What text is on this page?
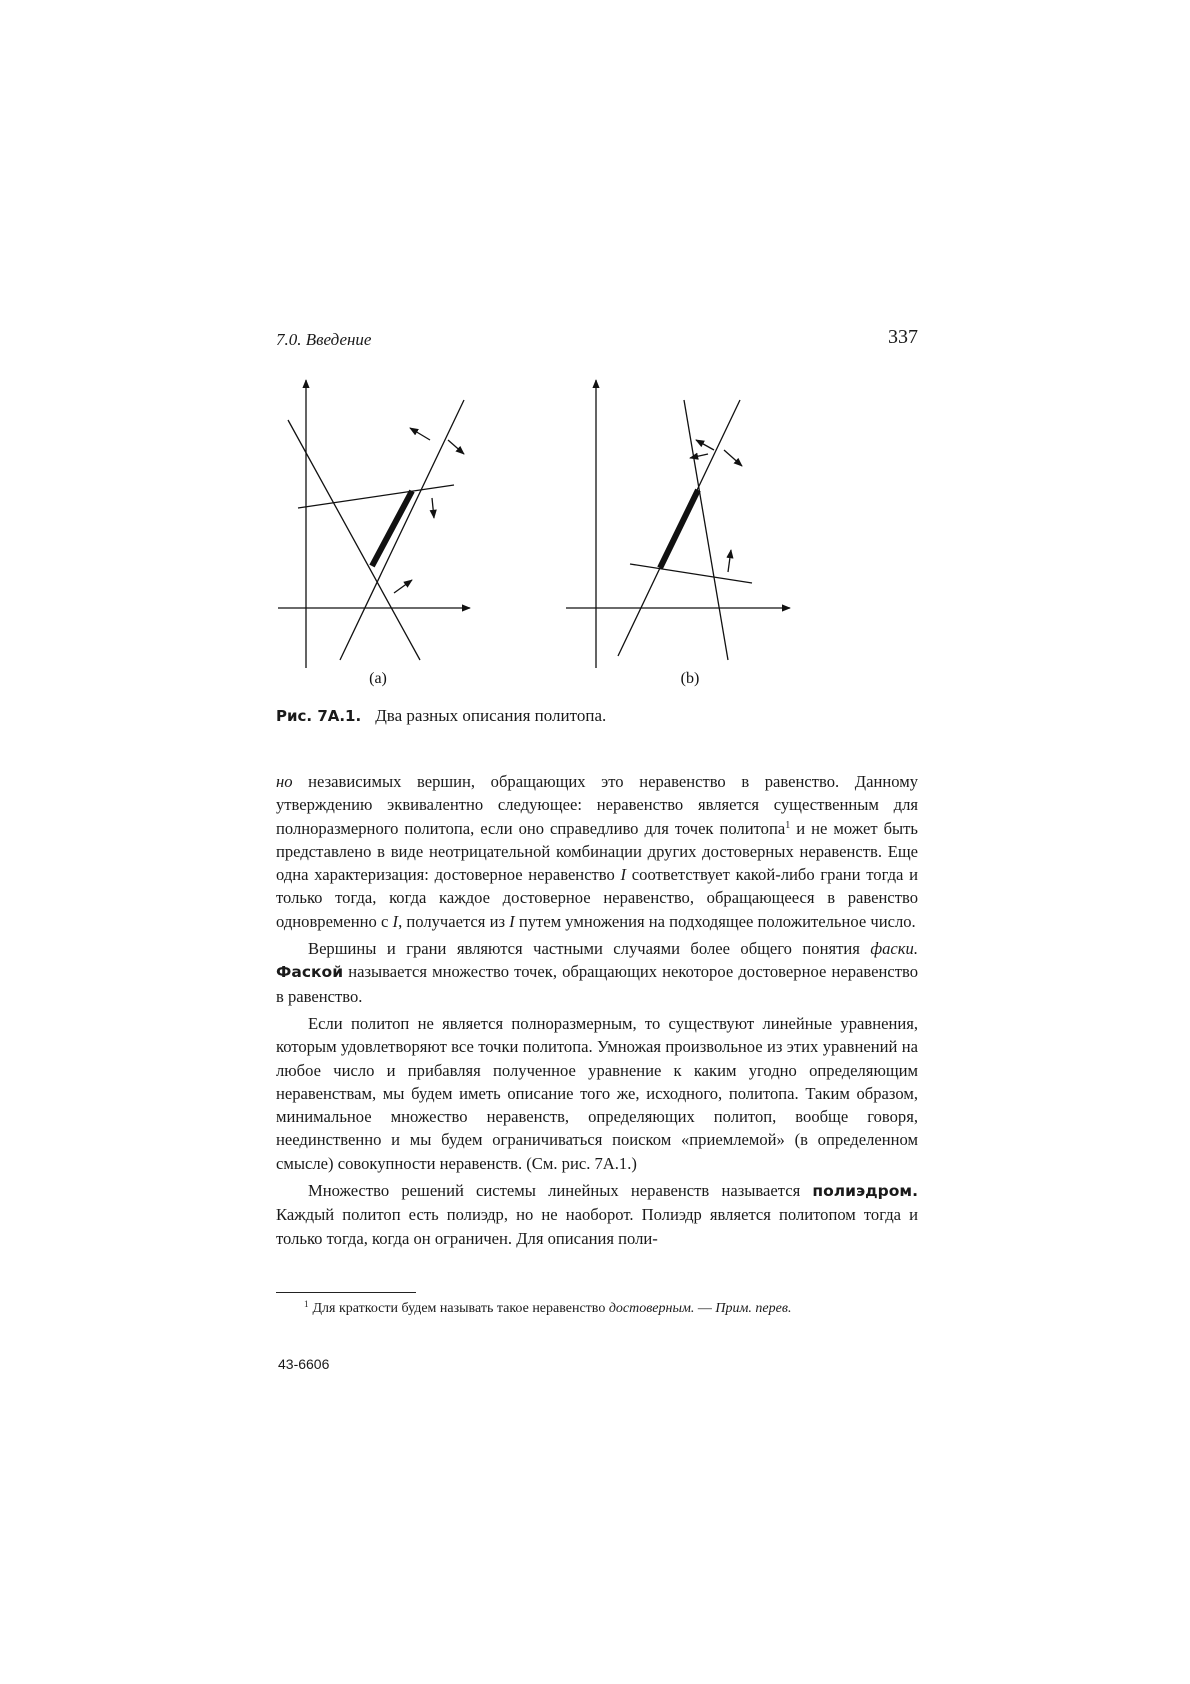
7.0. Введение	337
(a)	(b)
Рис. 7А.1. Два разных описания политопа.

но независимых вершин, обращающих это неравенство в равенство. Данному утверждению эквивалентно следующее: неравенство является существенным для полноразмерного политопа, если оно справедливо для точек политопа$^1$ и не может быть представлено в виде неотрицательной комбинации других достоверных неравенств. Еще одна характеризация: достоверное неравенство I соответствует какой-либо грани тогда и только тогда, когда каждое достоверное неравенство, обращающееся в равенство одновременно с I, получается из I путем умножения на подходящее положительное число.

Вершины и грани являются частными случаями более общего понятия фаски. Фаской называется множество точек, обращающих некоторое достоверное неравенство в равенство.

Если политоп не является полноразмерным, то существуют линейные уравнения, которым удовлетворяют все точки политопа. Умножая произвольное из этих уравнений на любое число и прибавляя полученное уравнение к каким угодно определяющим неравенствам, мы будем иметь описание того же, исходного, политопа. Таким образом, минимальное множество неравенств, определяющих политоп, вообще говоря, неединственно и мы будем ограничиваться поиском «приемлемой» (в определенном смысле) совокупности неравенств. (См. рис. 7А.1.)

Множество решений системы линейных неравенств называется полиэдром. Каждый политоп есть полиэдр, но не наоборот. Полиэдр является политопом тогда и только тогда, когда он ограничен. Для описания поли-

$^1$ Для краткости будем называть такое неравенство достоверным. — Прим. перев.
43-6606
